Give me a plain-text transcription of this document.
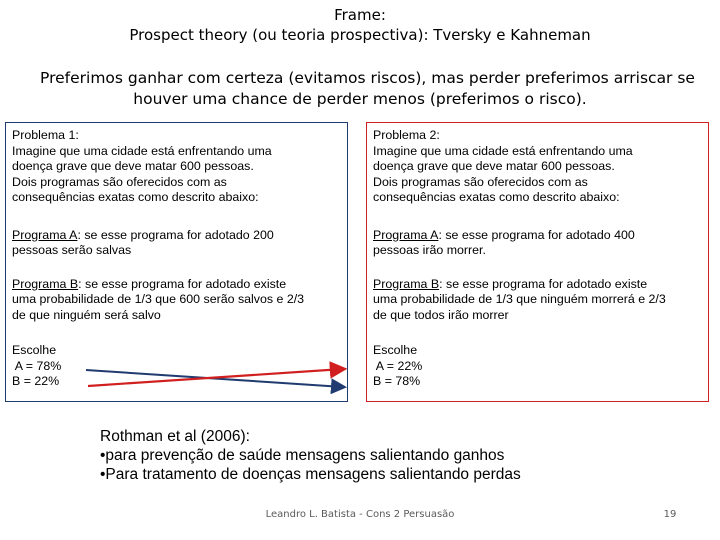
Frame:
Prospect theory (ou teoria prospectiva): Tversky e Kahneman
Preferimos ganhar com certeza (evitamos riscos), mas perder preferimos arriscar se
houver uma chance de perder menos (preferimos o risco).
Problema 1:
Imagine que uma cidade está enfrentando uma
doença grave que deve matar 600 pessoas.
Dois programas são oferecidos com as
consequências exatas como descrito abaixo:
Programa A: se esse programa for adotado 200
pessoas serão salvas
Programa B: se esse programa for adotado existe
uma probabilidade de 1/3 que 600 serão salvos e 2/3
de que ninguém será salvo
Escolhe
A = 78%
B = 22%
Problema 2:
Imagine que uma cidade está enfrentando uma
doença grave que deve matar 600 pessoas.
Dois programas são oferecidos com as
consequências exatas como descrito abaixo:
Programa A: se esse programa for adotado 400
pessoas irão morrer.
Programa B: se esse programa for adotado existe
uma probabilidade de 1/3 que ninguém morrerá e 2/3
de que todos irão morrer
Escolhe
A = 22%
B = 78%
Rothman et al (2006):
•para prevenção de saúde mensagens salientando ganhos
•Para tratamento de doenças mensagens salientando perdas
Leandro L. Batista - Cons 2 Persuasão	19
